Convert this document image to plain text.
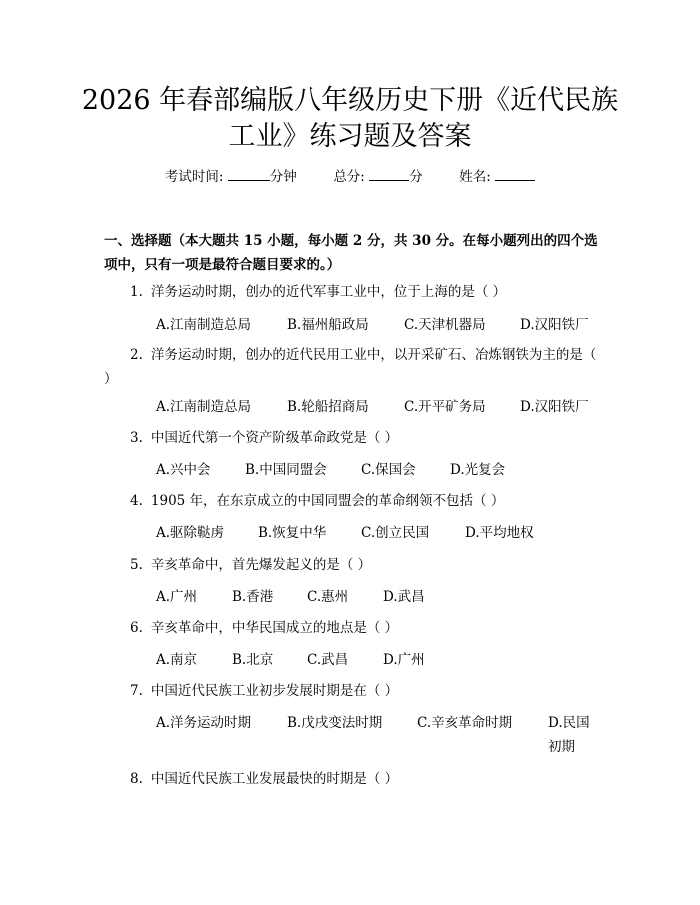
2026 年春部编版八年级历史下册《近代民族
工业》练习题及答案
考试时间:	分钟	总分:	分	姓名:
一、选择题（本大题共 15 小题，每小题 2 分，共 30 分。在每小题列出的四个选项中，只有一项是最符合题目要求的。）
1. 洋务运动时期，创办的近代军事工业中，位于上海的是（ ）
A.江南制造总局	B.福州船政局	C.天津机器局	D.汉阳铁厂
2. 洋务运动时期，创办的近代民用工业中，以开采矿石、冶炼钢铁为主的是（ ）
A.江南制造总局	B.轮船招商局	C.开平矿务局	D.汉阳铁厂
3. 中国近代第一个资产阶级革命政党是（ ）
A.兴中会	B.中国同盟会	C.保国会	D.光复会
4. 1905 年，在东京成立的中国同盟会的革命纲领不包括（ ）
A.驱除鞑虏	B.恢复中华	C.创立民国	D.平均地权
5. 辛亥革命中，首先爆发起义的是（ ）
A.广州	B.香港	C.惠州	D.武昌
6. 辛亥革命中，中华民国成立的地点是（ ）
A.南京	B.北京	C.武昌	D.广州
7. 中国近代民族工业初步发展时期是在（ ）
A.洋务运动时期	B.戊戌变法时期	C.辛亥革命时期	D.民国初期
8. 中国近代民族工业发展最快的时期是（ ）
